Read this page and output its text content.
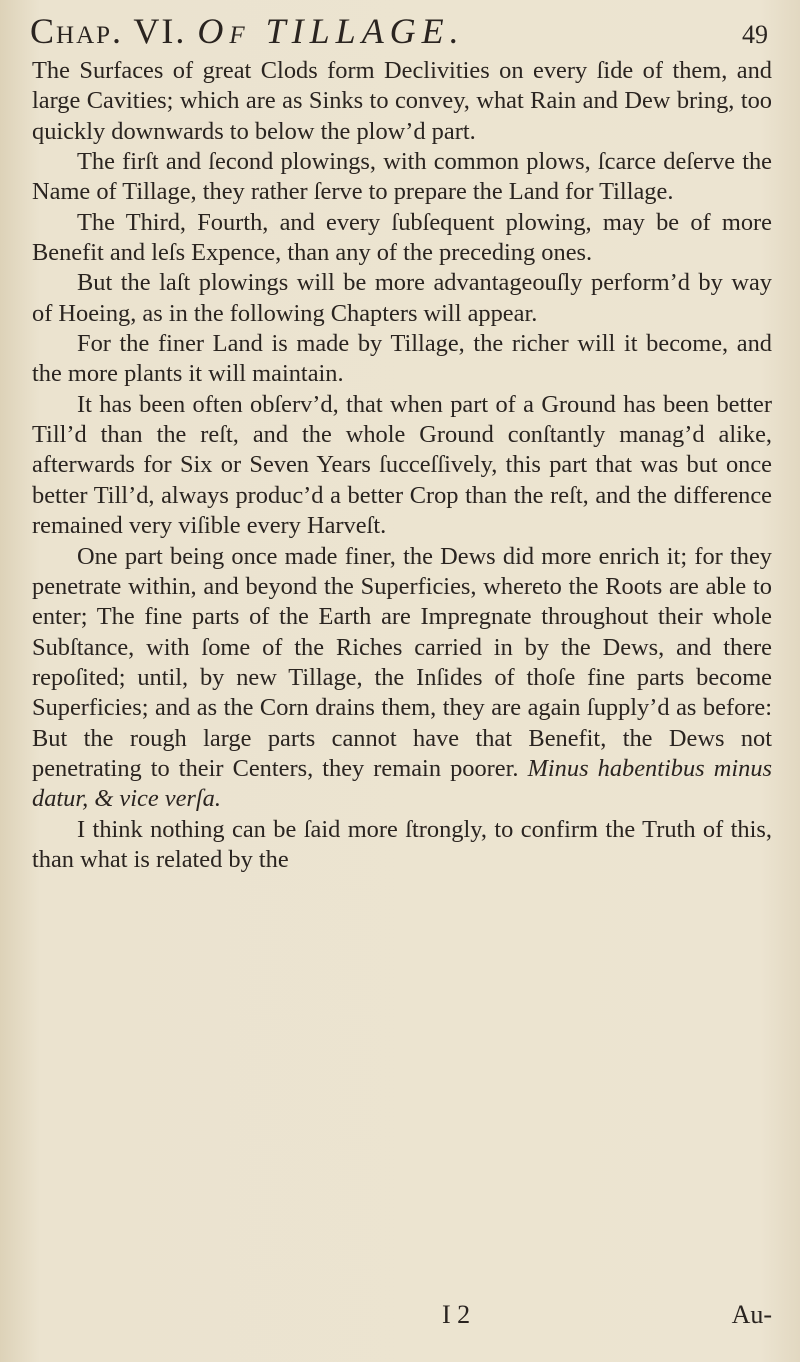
Chap. VI. Of TILLAGE.	49

The Surfaces of great Clods form Declivities on every ſide of them, and large Cavities; which are as Sinks to convey, what Rain and Dew bring, too quickly downwards to below the plow’d part.

The firſt and ſecond plowings, with common plows, ſcarce deſerve the Name of Tillage, they rather ſerve to prepare the Land for Tillage.

The Third, Fourth, and every ſubſequent plowing, may be of more Benefit and leſs Expence, than any of the preceding ones.

But the laſt plowings will be more advantageouſly perform’d by way of Hoeing, as in the following Chapters will appear.

For the finer Land is made by Tillage, the richer will it become, and the more plants it will maintain.

It has been often obſerv’d, that when part of a Ground has been better Till’d than the reſt, and the whole Ground conſtantly manag’d alike, afterwards for Six or Seven Years ſucceſſively, this part that was but once better Till’d, always produc’d a better Crop than the reſt, and the difference remained very viſible every Harveſt.

One part being once made finer, the Dews did more enrich it; for they penetrate within, and beyond the Superficies, whereto the Roots are able to enter; The fine parts of the Earth are Impregnate throughout their whole Subſtance, with ſome of the Riches carried in by the Dews, and there repoſited; until, by new Tillage, the Inſides of thoſe fine parts become Superficies; and as the Corn drains them, they are again ſupply’d as before: But the rough large parts cannot have that Benefit, the Dews not penetrating to their Centers, they remain poorer. Minus habentibus minus datur, & vice verſa.

I think nothing can be ſaid more ſtrongly, to confirm the Truth of this, than what is related by the

I 2	Au-
